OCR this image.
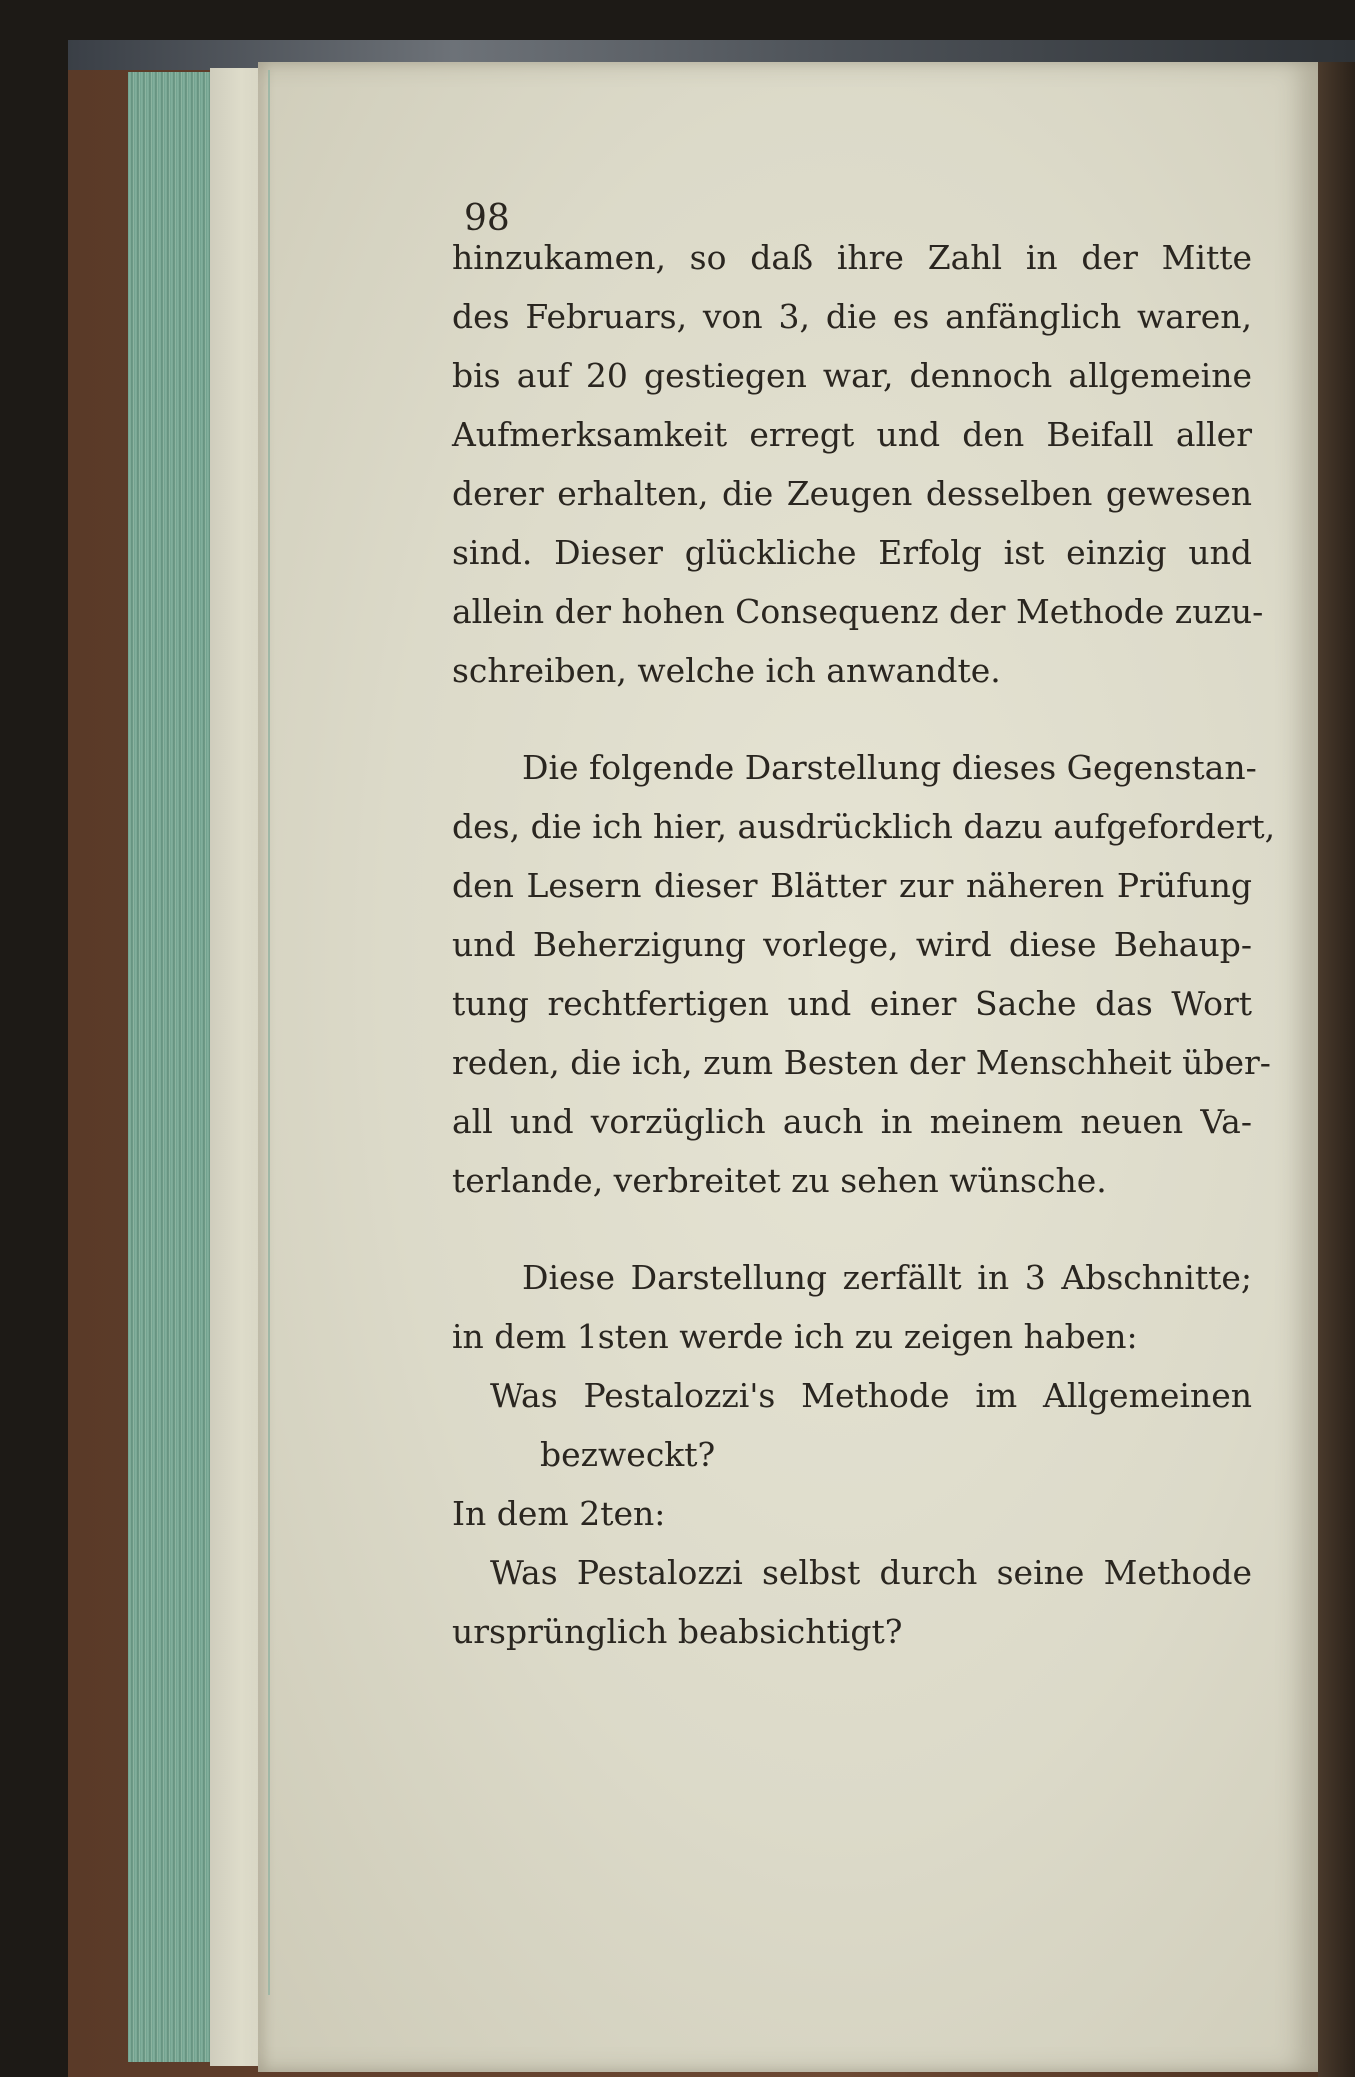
98

hinzukamen, so daß ihre Zahl in der Mitte
des Februars, von 3, die es anfänglich waren,
bis auf 20 gestiegen war, dennoch allgemeine
Aufmerksamkeit erregt und den Beifall aller
derer erhalten, die Zeugen desselben gewesen
sind. Dieser glückliche Erfolg ist einzig und
allein der hohen Consequenz der Methode zuzu-
schreiben, welche ich anwandte.

Die folgende Darstellung dieses Gegenstan-
des, die ich hier, ausdrücklich dazu aufgefordert,
den Lesern dieser Blätter zur näheren Prüfung
und Beherzigung vorlege, wird diese Behaup-
tung rechtfertigen und einer Sache das Wort
reden, die ich, zum Besten der Menschheit über-
all und vorzüglich auch in meinem neuen Va-
terlande, verbreitet zu sehen wünsche.

Diese Darstellung zerfällt in 3 Abschnitte;
in dem 1sten werde ich zu zeigen haben:
Was Pestalozzi's Methode im Allgemeinen
bezweckt?
In dem 2ten:
Was Pestalozzi selbst durch seine Methode
ursprünglich beabsichtigt?
